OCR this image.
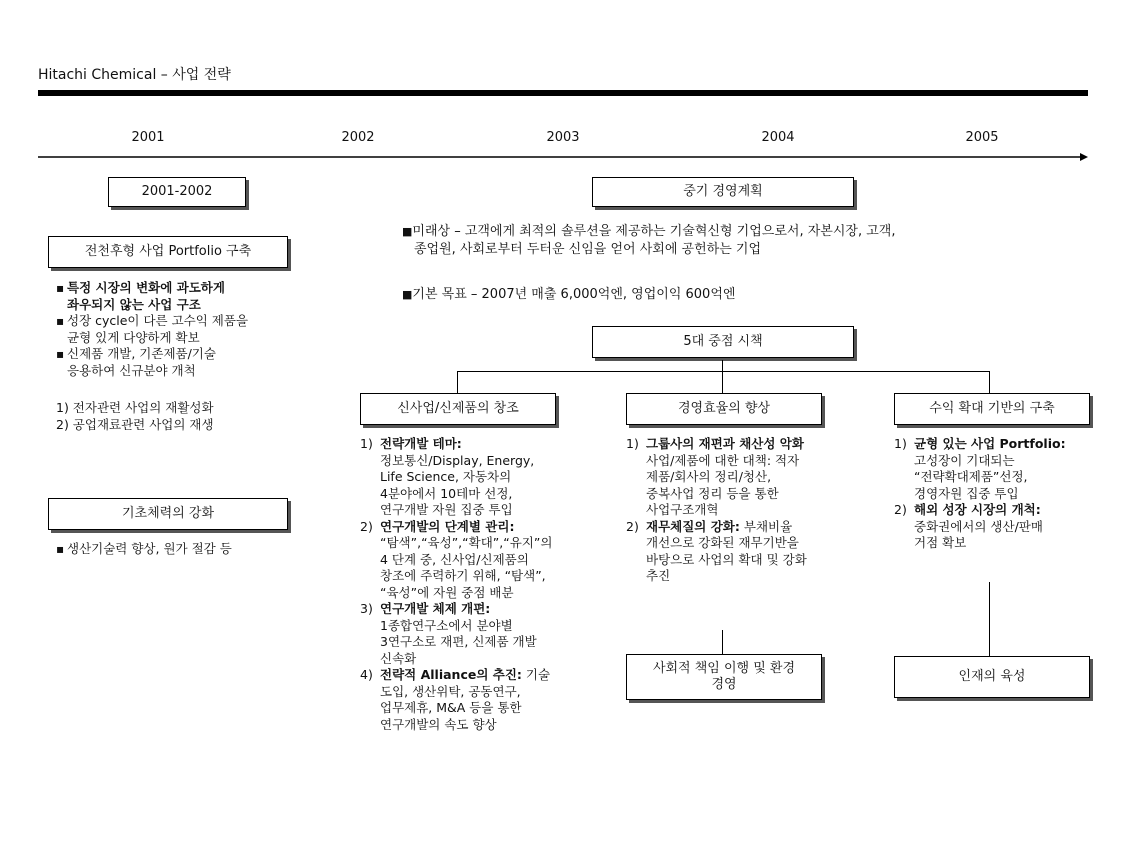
Hitachi Chemical – 사업 전략
2001	2002	2003	2004	2005
2001-2002
전천후형 사업 Portfolio 구축
▪ 특정 시장의 변화에 과도하게
좌우되지 않는 사업 구조
▪ 성장 cycle이 다른 고수익 제품을
균형 있게 다양하게 확보
▪ 신제품 개발, 기존제품/기술
응용하여 신규분야 개척
1) 전자관련 사업의 재활성화
2) 공업재료관련 사업의 재생
기초체력의 강화
▪ 생산기술력 향상, 원가 절감 등
중기 경영계획
■미래상 – 고객에게 최적의 솔루션을 제공하는 기술혁신형 기업으로서, 자본시장, 고객,
종업원, 사회로부터 두터운 신임을 얻어 사회에 공헌하는 기업
■기본 목표 – 2007년 매출 6,000억엔, 영업이익 600억엔
5대 중점 시책
신사업/신제품의 창조
1) 전략개발 테마:
정보통신/Display, Energy,
Life Science, 자동차의
4분야에서 10테마 선정,
연구개발 자원 집중 투입
2) 연구개발의 단계별 관리:
“탐색”,“육성”,“확대”,“유지”의
4 단계 중, 신사업/신제품의
창조에 주력하기 위해, “탐색”,
“육성”에 자원 중점 배분
3) 연구개발 체제 개편:
1종합연구소에서 분야별
3연구소로 재편, 신제품 개발
신속화
4) 전략적 Alliance의 추진: 기술
도입, 생산위탁, 공동연구,
업무제휴, M&A 등을 통한
연구개발의 속도 향상
경영효율의 향상
1) 그룹사의 재편과 채산성 악화
사업/제품에 대한 대책: 적자
제품/회사의 정리/청산,
중복사업 정리 등을 통한
사업구조개혁
2) 재무체질의 강화: 부채비율
개선으로 강화된 재무기반을
바탕으로 사업의 확대 및 강화
추진
사회적 책임 이행 및 환경
경영
수익 확대 기반의 구축
1) 균형 있는 사업 Portfolio:
고성장이 기대되는
“전략확대제품”선정,
경영자원 집중 투입
2) 해외 성장 시장의 개척:
중화권에서의 생산/판매
거점 확보
인재의 육성
